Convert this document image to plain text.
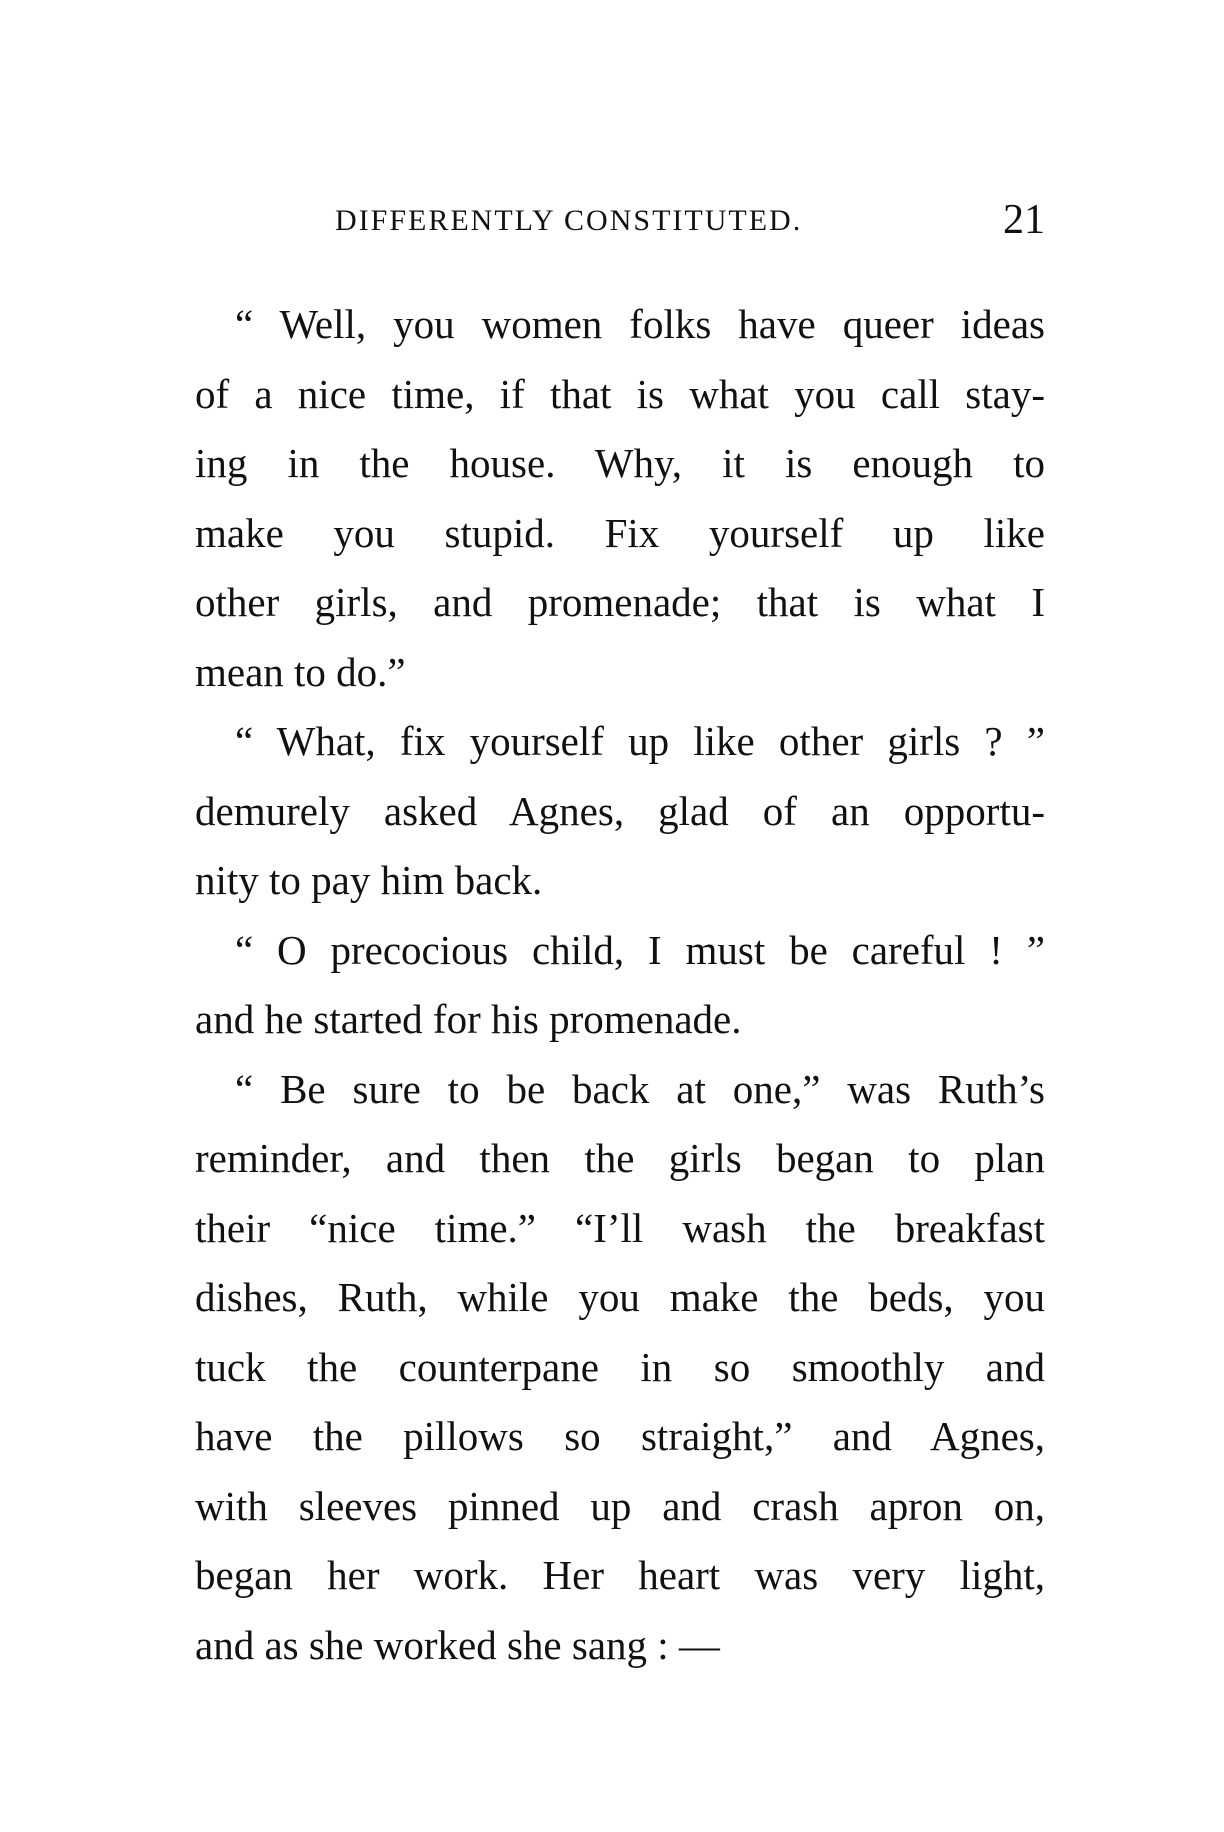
DIFFERENTLY CONSTITUTED.	21
“ Well, you women folks have queer ideas
of a nice time, if that is what you call stay-
ing in the house. Why, it is enough to
make you stupid. Fix yourself up like
other girls, and promenade; that is what I
mean to do.”
“ What, fix yourself up like other girls ? ”
demurely asked Agnes, glad of an opportu-
nity to pay him back.
“ O precocious child, I must be careful ! ”
and he started for his promenade.
“ Be sure to be back at one,” was Ruth’s
reminder, and then the girls began to plan
their “nice time.” “I’ll wash the breakfast
dishes, Ruth, while you make the beds, you
tuck the counterpane in so smoothly and
have the pillows so straight,” and Agnes,
with sleeves pinned up and crash apron on,
began her work. Her heart was very light,
and as she worked she sang : —
